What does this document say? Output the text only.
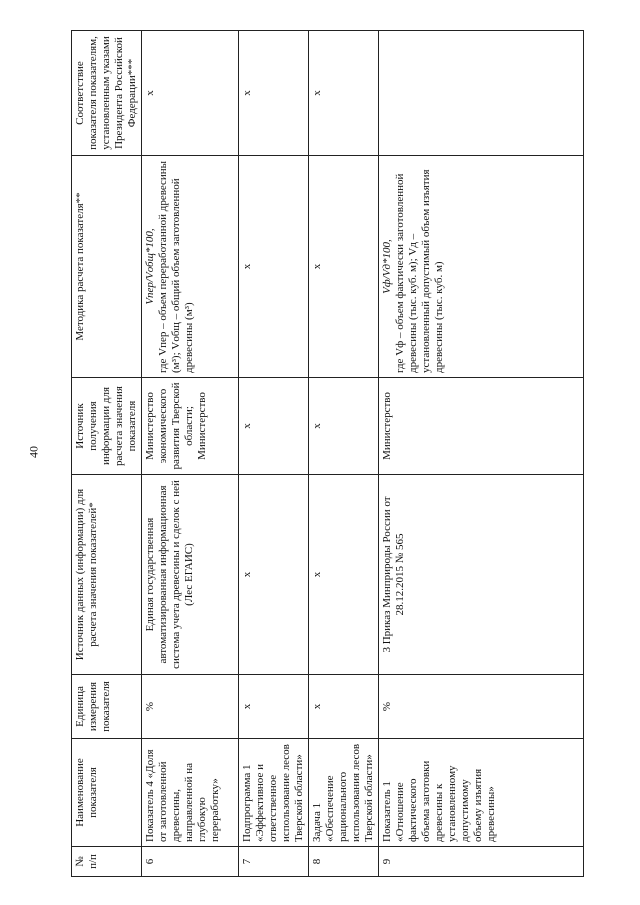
40
№ п/п	Наименование показателя	Единица измерения показателя	Источник данных (информации) для расчета значения показателей*	Источник получения информации для расчета значения показателя	Методика расчета показателя**	Соответствие показателя показателям, установленным указами Президента Российской Федерации***
6	Показатель 4 «Доля от заготовленной древесины, направленной на глубокую переработку»	%	Единая государственная автоматизированная информационная система учета древесины и сделок с ней (Лес ЕГАИС)	Министерство экономического развития Тверской области; Министерство	Vпер/Vобщ*100, где Vпер – объем переработанной древесины (м³); Vобщ – общий объем заготовленной древесины (м³)	x
7	Подпрограмма 1 «Эффективное и ответственное использование лесов Тверской области»	x	x	x	x	x
8	Задача 1 «Обеспечение рационального использования лесов Тверской области»	x	x	x	x	x
9	Показатель 1 «Отношение фактического объема заготовки древесины к установленному допустимому объему изъятия древесины»	%	3 Приказ Минприроды России от 28.12.2015 № 565	Министерство	Vф/Vд*100, где Vф – объем фактически заготовленной древесины (тыс. куб. м); Vд – установленный допустимый объем изъятия древесины (тыс. куб. м)	
